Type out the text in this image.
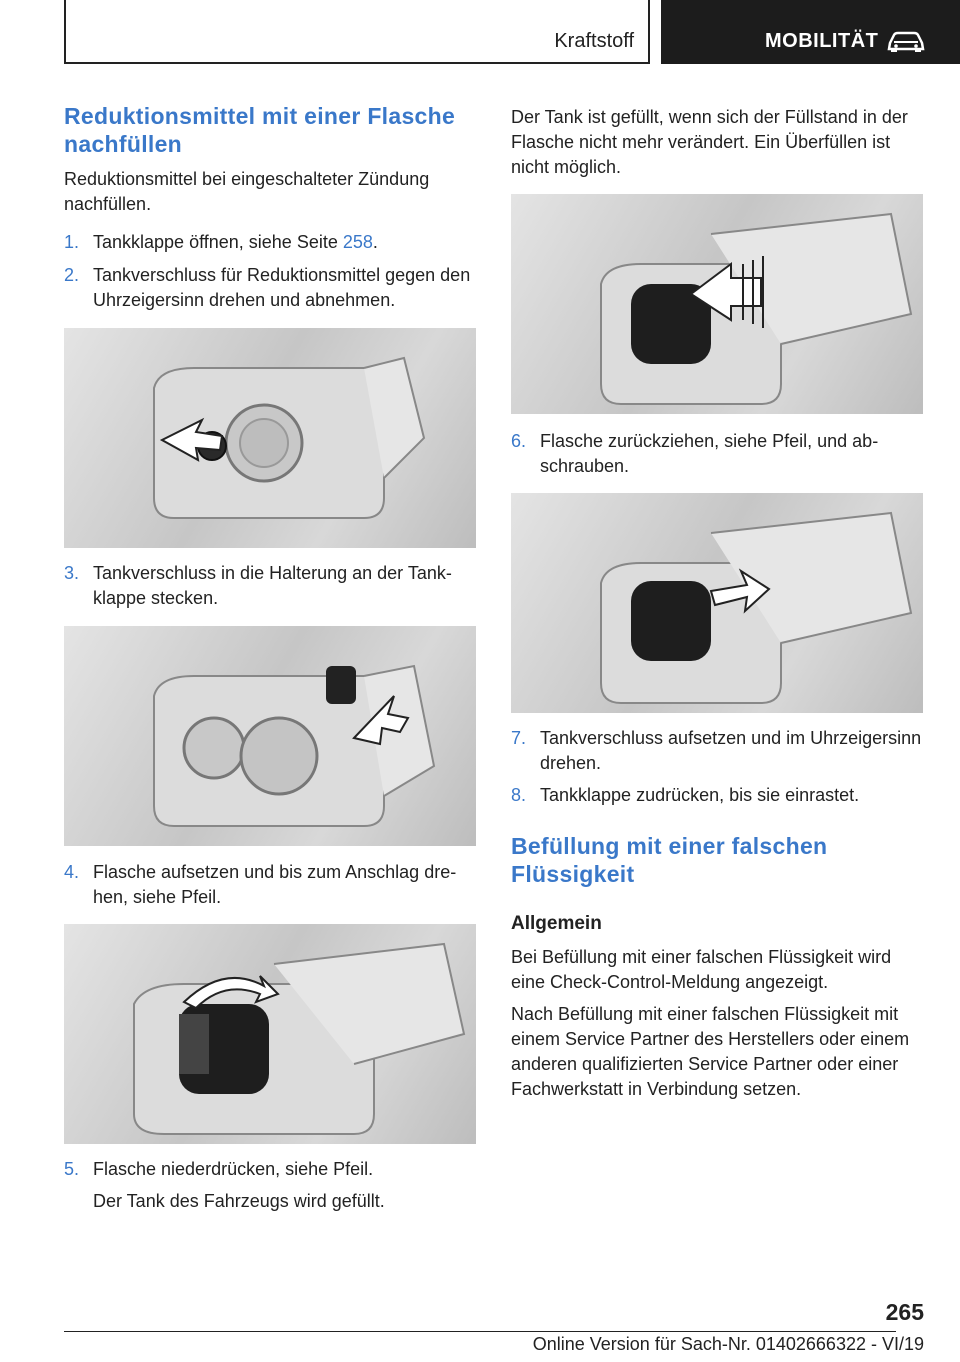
Kraftstoff	MOBILITÄT
Reduktionsmittel mit einer Flasche nachfüllen
Reduktionsmittel bei eingeschalteter Zündung nachfüllen.
1. Tankklappe öffnen, siehe Seite 258.
2. Tankverschluss für Reduktionsmittel gegen den Uhrzeigersinn drehen und abnehmen.
3. Tankverschluss in die Halterung an der Tankklappe stecken.
4. Flasche aufsetzen und bis zum Anschlag drehen, siehe Pfeil.
5. Flasche niederdrücken, siehe Pfeil.
Der Tank des Fahrzeugs wird gefüllt.
Der Tank ist gefüllt, wenn sich der Füllstand in der Flasche nicht mehr verändert. Ein Überfüllen ist nicht möglich.
6. Flasche zurückziehen, siehe Pfeil, und abschrauben.
7. Tankverschluss aufsetzen und im Uhrzeigersinn drehen.
8. Tankklappe zudrücken, bis sie einrastet.
Befüllung mit einer falschen Flüssigkeit
Allgemein
Bei Befüllung mit einer falschen Flüssigkeit wird eine Check-Control-Meldung angezeigt.
Nach Befüllung mit einer falschen Flüssigkeit mit einem Service Partner des Herstellers oder einem anderen qualifizierten Service Partner oder einer Fachwerkstatt in Verbindung setzen.
265
Online Version für Sach-Nr. 01402666322 - VI/19
